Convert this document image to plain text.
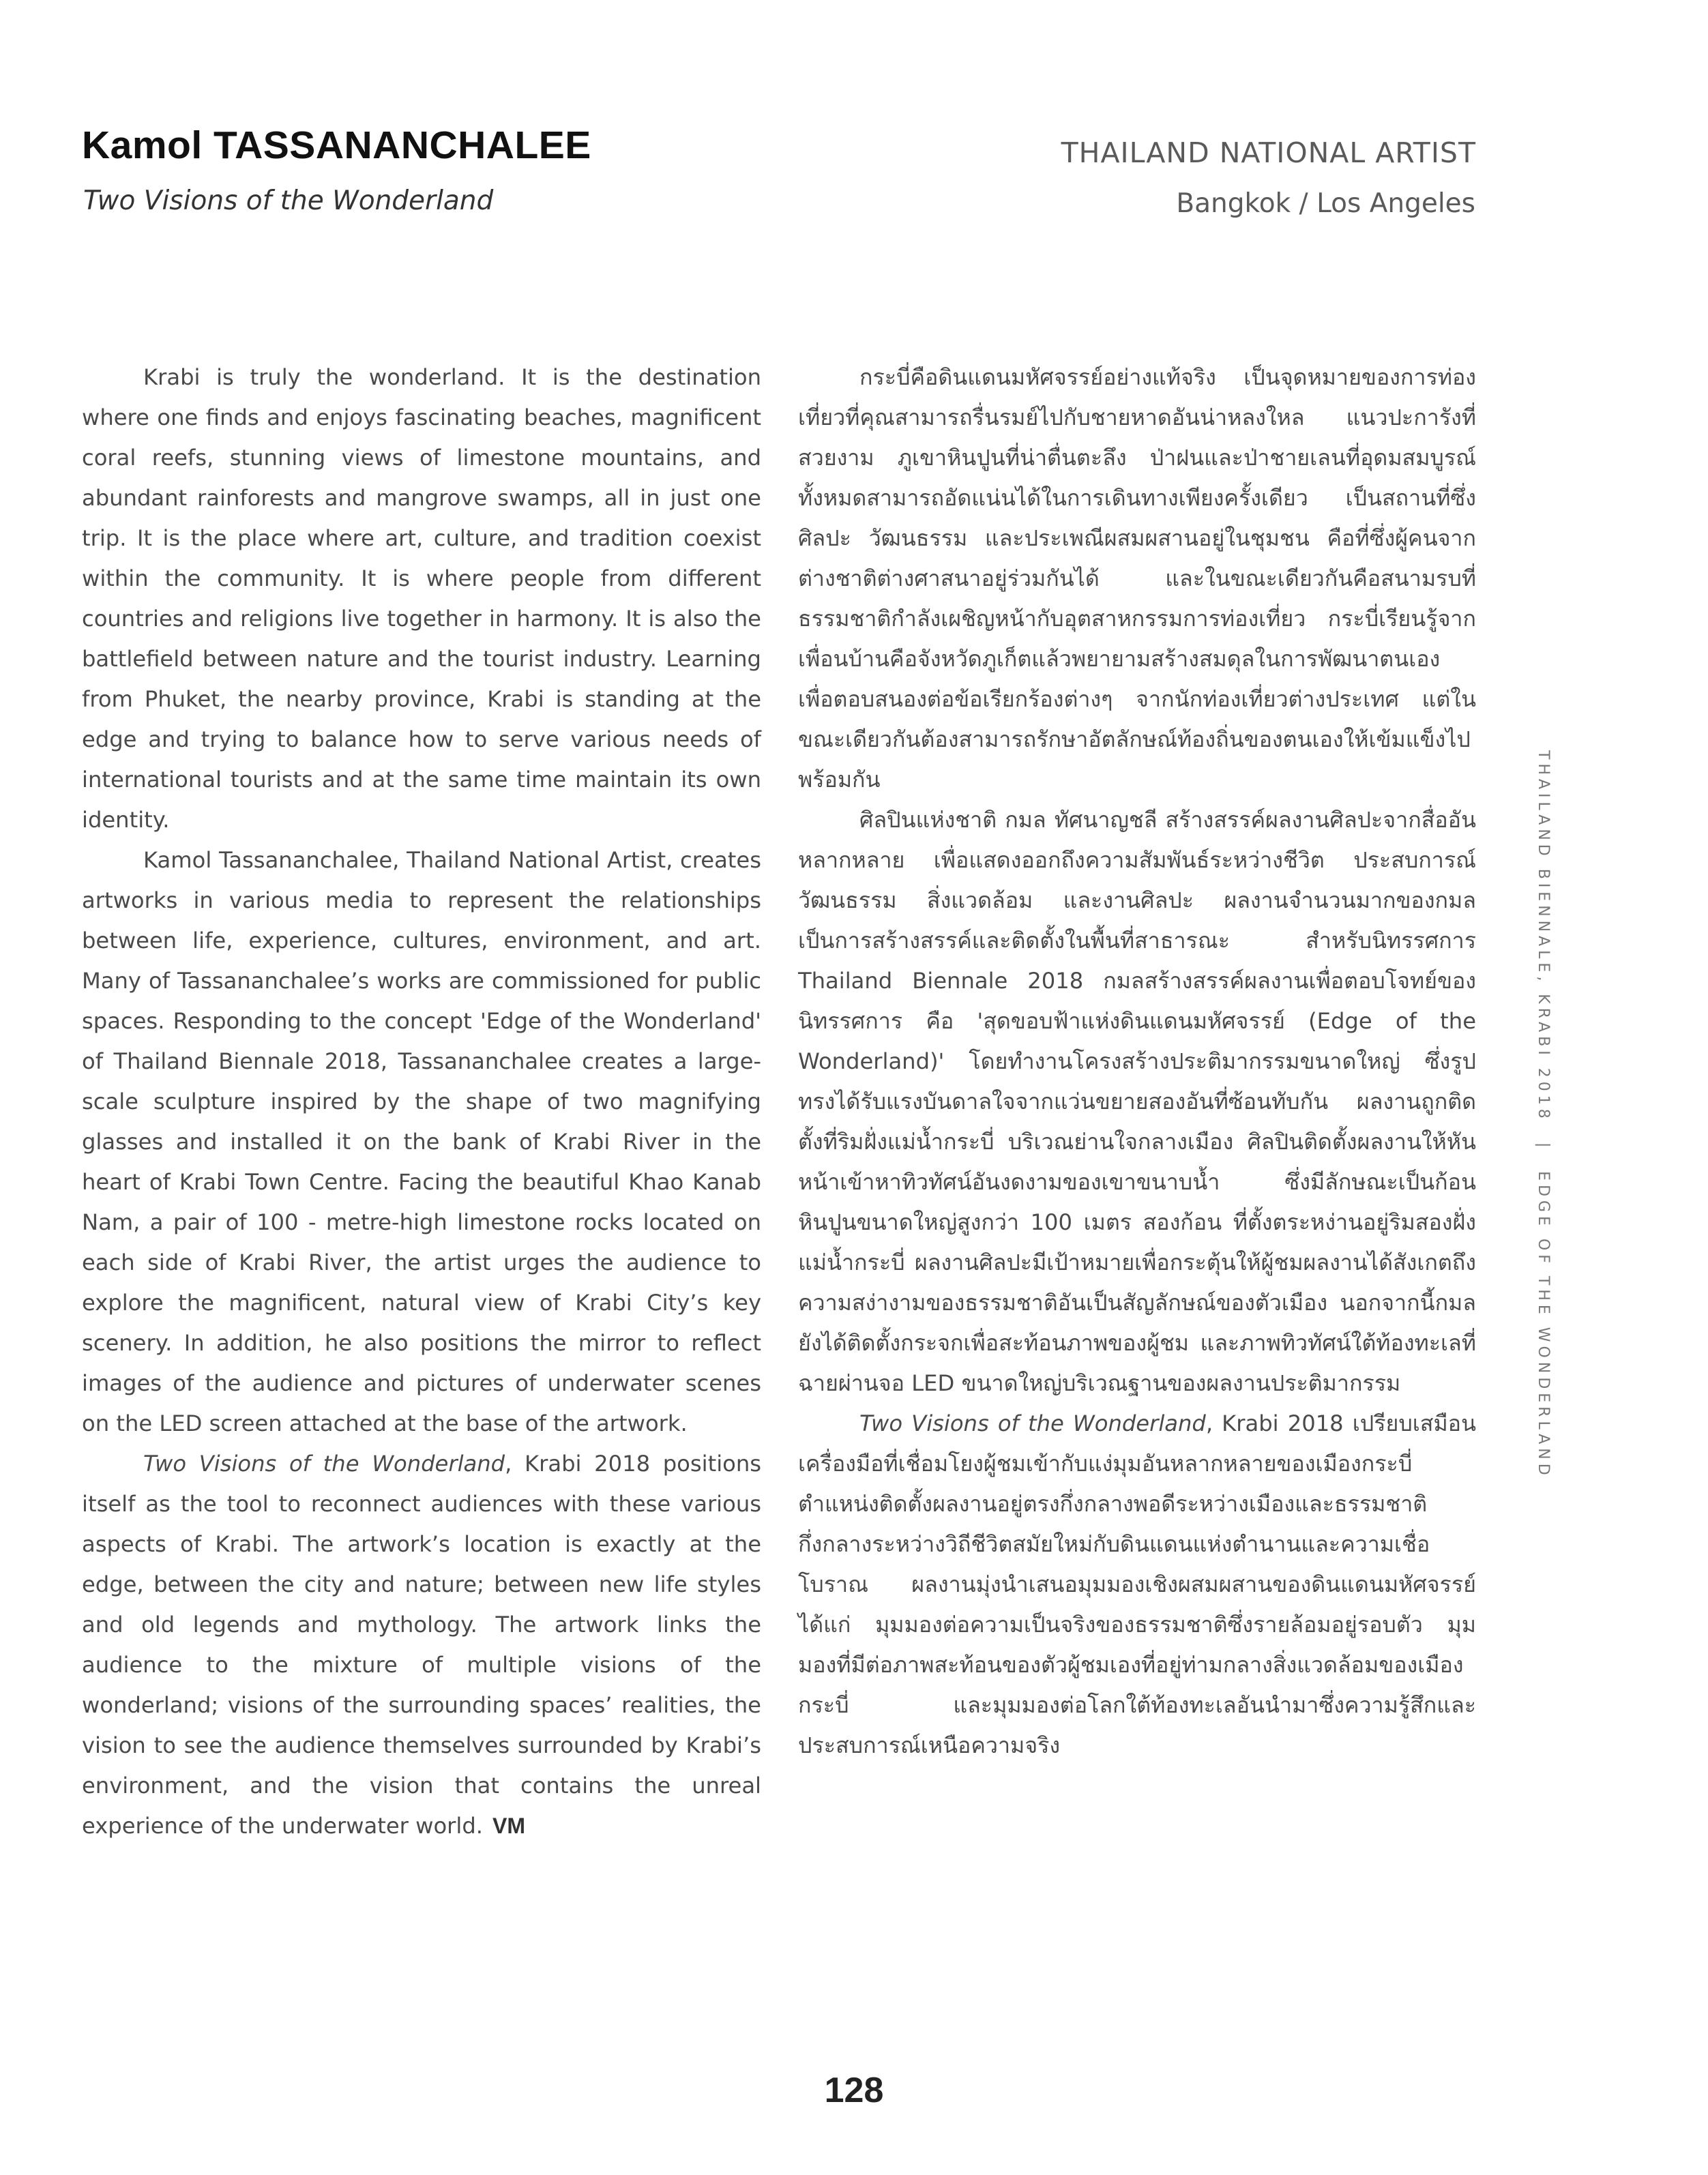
Kamol TASSANANCHALEE
Two Visions of the Wonderland
THAILAND NATIONAL ARTIST
Bangkok / Los Angeles

Krabi is truly the wonderland. It is the destination where one finds and enjoys fascinating beaches, magnificent coral reefs, stunning views of limestone mountains, and abundant rainforests and mangrove swamps, all in just one trip. It is the place where art, culture, and tradition coexist within the community. It is where people from different countries and religions live together in harmony. It is also the battlefield between nature and the tourist industry. Learning from Phuket, the nearby province, Krabi is standing at the edge and trying to balance how to serve various needs of international tourists and at the same time maintain its own identity.

Kamol Tassananchalee, Thailand National Artist, creates artworks in various media to represent the relationships between life, experience, cultures, environment, and art. Many of Tassananchalee’s works are commissioned for public spaces. Responding to the concept 'Edge of the Wonderland' of Thailand Biennale 2018, Tassananchalee creates a large-scale sculpture inspired by the shape of two magnifying glasses and installed it on the bank of Krabi River in the heart of Krabi Town Centre. Facing the beautiful Khao Kanab Nam, a pair of 100 - metre-high limestone rocks located on each side of Krabi River, the artist urges the audience to explore the magnificent, natural view of Krabi City’s key scenery. In addition, he also positions the mirror to reflect images of the audience and pictures of underwater scenes on the LED screen attached at the base of the artwork.

Two Visions of the Wonderland, Krabi 2018 positions itself as the tool to reconnect audiences with these various aspects of Krabi. The artwork’s location is exactly at the edge, between the city and nature; between new life styles and old legends and mythology. The artwork links the audience to the mixture of multiple visions of the wonderland; visions of the surrounding spaces’ realities, the vision to see the audience themselves surrounded by Krabi’s environment, and the vision that contains the unreal experience of the underwater world. VM

กระบี่คือดินแดนมหัศจรรย์อย่างแท้จริง เป็นจุดหมายของการท่องเที่ยวที่คุณสามารถรื่นรมย์ไปกับชายหาดอันน่าหลงใหล แนวปะการังที่สวยงาม ภูเขาหินปูนที่น่าตื่นตะลึง ป่าฝนและป่าชายเลนที่อุดมสมบูรณ์ทั้งหมดสามารถอัดแน่นได้ในการเดินทางเพียงครั้งเดียว เป็นสถานที่ซึ่งศิลปะ วัฒนธรรม และประเพณีผสมผสานอยู่ในชุมชน คือที่ซึ่งผู้คนจากต่างชาติต่างศาสนาอยู่ร่วมกันได้ และในขณะเดียวกันคือสนามรบที่ธรรมชาติกำลังเผชิญหน้ากับอุตสาหกรรมการท่องเที่ยว กระบี่เรียนรู้จากเพื่อนบ้านคือจังหวัดภูเก็ตแล้วพยายามสร้างสมดุลในการพัฒนาตนเอง เพื่อตอบสนองต่อข้อเรียกร้องต่างๆ จากนักท่องเที่ยวต่างประเทศ แต่ในขณะเดียวกันต้องสามารถรักษาอัตลักษณ์ท้องถิ่นของตนเองให้เข้มแข็งไปพร้อมกัน

ศิลปินแห่งชาติ กมล ทัศนาญชลี สร้างสรรค์ผลงานศิลปะจากสื่ออันหลากหลาย เพื่อแสดงออกถึงความสัมพันธ์ระหว่างชีวิต ประสบการณ์ วัฒนธรรม สิ่งแวดล้อม และงานศิลปะ ผลงานจำนวนมากของกมลเป็นการสร้างสรรค์และติดตั้งในพื้นที่สาธารณะ สำหรับนิทรรศการ Thailand Biennale 2018 กมลสร้างสรรค์ผลงานเพื่อตอบโจทย์ของนิทรรศการ คือ 'สุดขอบฟ้าแห่งดินแดนมหัศจรรย์ (Edge of the Wonderland)' โดยทำงานโครงสร้างประติมากรรมขนาดใหญ่ ซึ่งรูปทรงได้รับแรงบันดาลใจจากแว่นขยายสองอันที่ซ้อนทับกัน ผลงานถูกติดตั้งที่ริมฝั่งแม่น้ำกระบี่ บริเวณย่านใจกลางเมือง ศิลปินติดตั้งผลงานให้หันหน้าเข้าหาทิวทัศน์อันงดงามของเขาขนาบน้ำ ซึ่งมีลักษณะเป็นก้อนหินปูนขนาดใหญ่สูงกว่า 100 เมตร สองก้อน ที่ตั้งตระหง่านอยู่ริมสองฝั่งแม่น้ำกระบี่ ผลงานศิลปะมีเป้าหมายเพื่อกระตุ้นให้ผู้ชมผลงานได้สังเกตถึงความสง่างามของธรรมชาติอันเป็นสัญลักษณ์ของตัวเมือง นอกจากนี้กมลยังได้ติดตั้งกระจกเพื่อสะท้อนภาพของผู้ชม และภาพทิวทัศน์ใต้ท้องทะเลที่ฉายผ่านจอ LED ขนาดใหญ่บริเวณฐานของผลงานประติมากรรม

Two Visions of the Wonderland, Krabi 2018 เปรียบเสมือนเครื่องมือที่เชื่อมโยงผู้ชมเข้ากับแง่มุมอันหลากหลายของเมืองกระบี่ ตำแหน่งติดตั้งผลงานอยู่ตรงกึ่งกลางพอดีระหว่างเมืองและธรรมชาติ กึ่งกลางระหว่างวิถีชีวิตสมัยใหม่กับดินแดนแห่งตำนานและความเชื่อโบราณ ผลงานมุ่งนำเสนอมุมมองเชิงผสมผสานของดินแดนมหัศจรรย์ ได้แก่ มุมมองต่อความเป็นจริงของธรรมชาติซึ่งรายล้อมอยู่รอบตัว มุมมองที่มีต่อภาพสะท้อนของตัวผู้ชมเองที่อยู่ท่ามกลางสิ่งแวดล้อมของเมืองกระบี่ และมุมมองต่อโลกใต้ท้องทะเลอันนำมาซึ่งความรู้สึกและประสบการณ์เหนือความจริง

THAILAND BIENNALE, KRABI 2018 | EDGE OF THE WONDERLAND
128
